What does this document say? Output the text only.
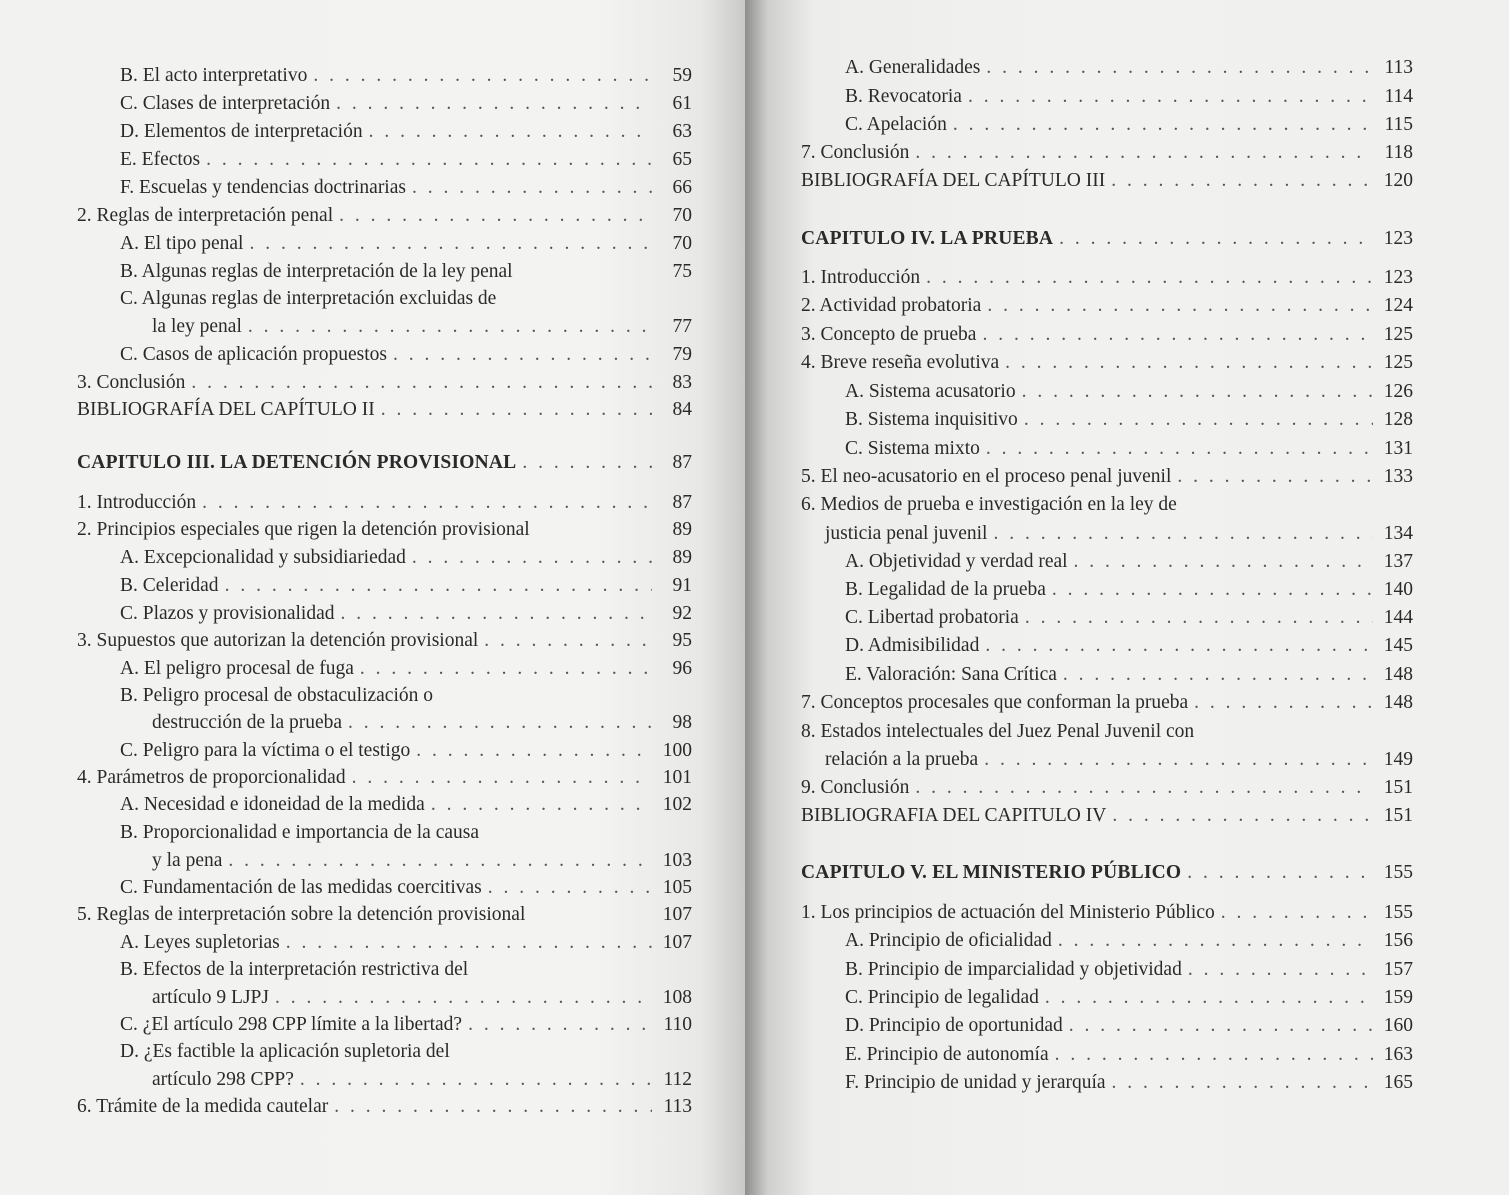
B. El acto interpretativo . . .	59
C. Clases de interpretación . . .	61
D. Elementos de interpretación . . .	63
E. Efectos . . .	65
F. Escuelas y tendencias doctrinarias . . .	66
2. Reglas de interpretación penal . . .	70
A. El tipo penal . . .	70
B. Algunas reglas de interpretación de la ley penal	75
C. Algunas reglas de interpretación excluidas de
la ley penal . . .	77
C. Casos de aplicación propuestos . . .	79
3. Conclusión . . .	83
BIBLIOGRAFÍA DEL CAPÍTULO II . . .	84
CAPITULO III. LA DETENCIÓN PROVISIONAL . . .	87
1. Introducción . . .	87
2. Principios especiales que rigen la detención provisional	89
A. Excepcionalidad y subsidiariedad . . .	89
B. Celeridad . . .	91
C. Plazos y provisionalidad . . .	92
3. Supuestos que autorizan la detención provisional . . .	95
A. El peligro procesal de fuga . . .	96
B. Peligro procesal de obstaculización o
destrucción de la prueba . . .	98
C. Peligro para la víctima o el testigo . . .	100
4. Parámetros de proporcionalidad . . .	101
A. Necesidad e idoneidad de la medida . . .	102
B. Proporcionalidad e importancia de la causa
y la pena . . .	103
C. Fundamentación de las medidas coercitivas . . .	105
5. Reglas de interpretación sobre la detención provisional	107
A. Leyes supletorias . . .	107
B. Efectos de la interpretación restrictiva del
artículo 9 LJPJ . . .	108
C. ¿El artículo 298 CPP límite a la libertad? . . .	110
D. ¿Es factible la aplicación supletoria del
artículo 298 CPP? . . .	112
6. Trámite de la medida cautelar . . .	113
A. Generalidades . . .	113
B. Revocatoria . . .	114
C. Apelación . . .	115
7. Conclusión . . .	118
BIBLIOGRAFÍA DEL CAPÍTULO III . . .	120
CAPITULO IV. LA PRUEBA . . .	123
1. Introducción . . .	123
2. Actividad probatoria . . .	124
3. Concepto de prueba . . .	125
4. Breve reseña evolutiva . . .	125
A. Sistema acusatorio . . .	126
B. Sistema inquisitivo . . .	128
C. Sistema mixto . . .	131
5. El neo-acusatorio en el proceso penal juvenil . . .	133
6. Medios de prueba e investigación en la ley de
justicia penal juvenil . . .	134
A. Objetividad y verdad real . . .	137
B. Legalidad de la prueba . . .	140
C. Libertad probatoria . . .	144
D. Admisibilidad . . .	145
E. Valoración: Sana Crítica . . .	148
7. Conceptos procesales que conforman la prueba . . .	148
8. Estados intelectuales del Juez Penal Juvenil con
relación a la prueba . . .	149
9. Conclusión . . .	151
BIBLIOGRAFIA DEL CAPITULO IV . . .	151
CAPITULO V. EL MINISTERIO PÚBLICO . . .	155
1. Los principios de actuación del Ministerio Público . . .	155
A. Principio de oficialidad . . .	156
B. Principio de imparcialidad y objetividad . . .	157
C. Principio de legalidad . . .	159
D. Principio de oportunidad . . .	160
E. Principio de autonomía . . .	163
F. Principio de unidad y jerarquía . . .	165
